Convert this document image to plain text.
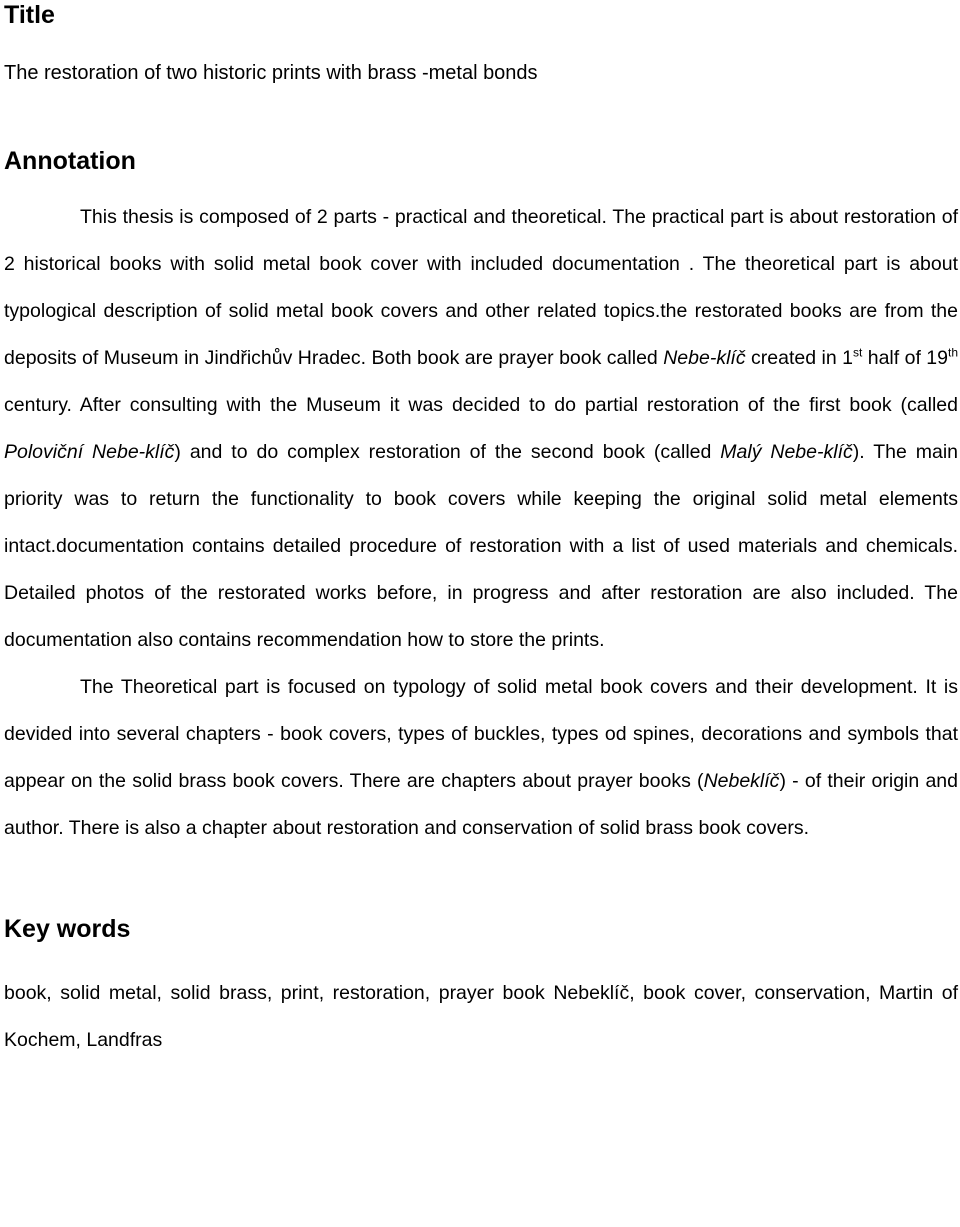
Title
The restoration of two historic prints with brass -metal bonds
Annotation

This thesis is composed of 2 parts - practical and theoretical. The practical part is about restoration of 2 historical books with solid metal book cover with included documentation . The theoretical part is about typological description of solid metal book covers and other related topics.the restorated books are from the deposits of Museum in Jindřichův Hradec. Both book are prayer book called Nebe-klíč created in 1st half of 19th century. After consulting with the Museum it was decided to do partial restoration of the first book (called Poloviční Nebe-klíč) and to do complex restoration of the second book (called Malý Nebe-klíč). The main priority was to return the functionality to book covers while keeping the original solid metal elements intact.documentation contains detailed procedure of restoration with a list of used materials and chemicals. Detailed photos of the restorated works before, in progress and after restoration are also included. The documentation also contains recommendation how to store the prints.

The Theoretical part is focused on typology of solid metal book covers and their development. It is devided into several chapters - book covers, types of buckles, types od spines, decorations and symbols that appear on the solid brass book covers. There are chapters about prayer books (Nebeklíč) - of their origin and author. There is also a chapter about restoration and conservation of solid brass book covers.

Key words
book, solid metal, solid brass, print, restoration, prayer book Nebeklíč, book cover, conservation, Martin of Kochem, Landfras
